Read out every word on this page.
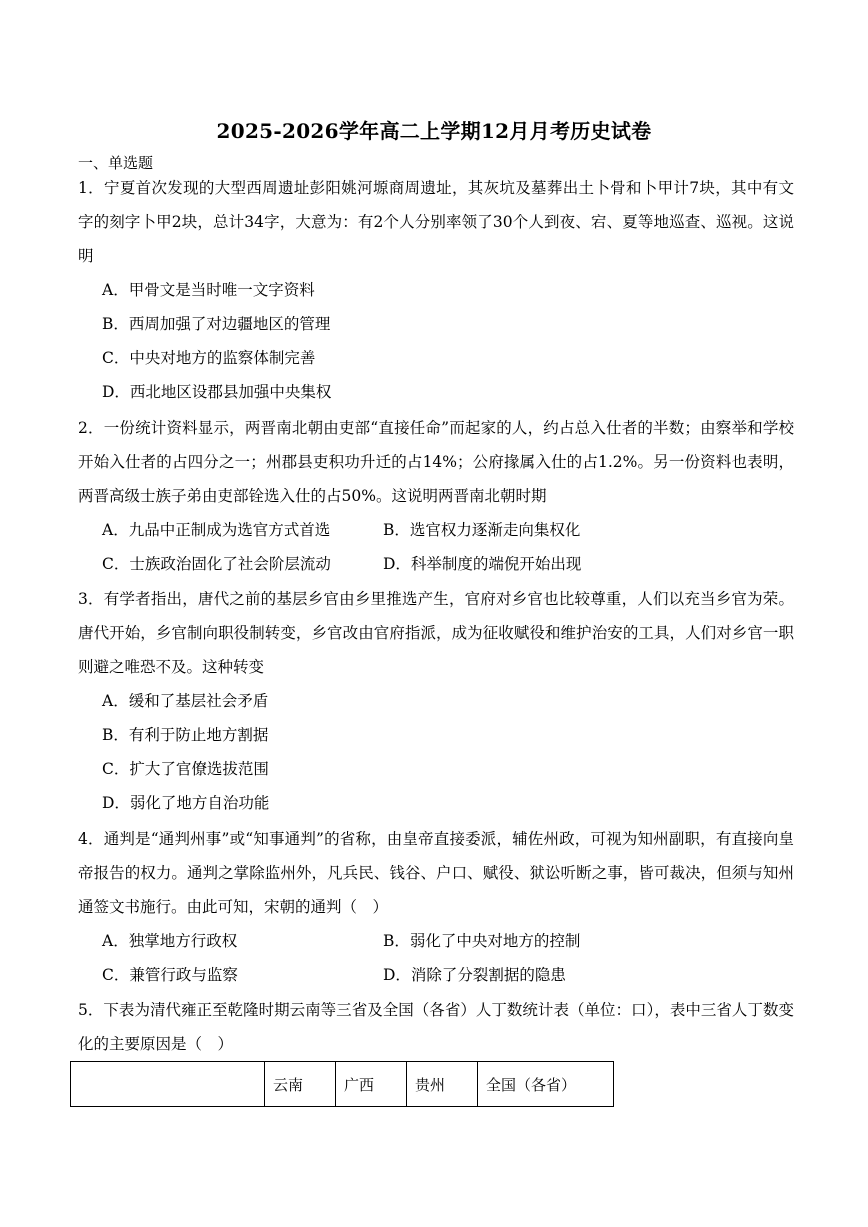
2025-2026学年高二上学期12月月考历史试卷
一、单选题

1．宁夏首次发现的大型西周遗址彭阳姚河塬商周遗址，其灰坑及墓葬出土卜骨和卜甲计7块，其中有文字的刻字卜甲2块，总计34字，大意为：有2个人分别率领了30个人到夜、宕、夏等地巡查、巡视。这说明

A．甲骨文是当时唯一文字资料
B．西周加强了对边疆地区的管理
C．中央对地方的监察体制完善
D．西北地区设郡县加强中央集权

2．一份统计资料显示，两晋南北朝由吏部“直接任命”而起家的人，约占总入仕者的半数；由察举和学校开始入仕者的占四分之一；州郡县吏积功升迁的占14%；公府掾属入仕的占1.2%。另一份资料也表明，两晋高级士族子弟由吏部铨选入仕的占50%。这说明两晋南北朝时期

A．九品中正制成为选官方式首选	B．选官权力逐渐走向集权化
C．士族政治固化了社会阶层流动	D．科举制度的端倪开始出现

3．有学者指出，唐代之前的基层乡官由乡里推选产生，官府对乡官也比较尊重，人们以充当乡官为荣。唐代开始，乡官制向职役制转变，乡官改由官府指派，成为征收赋役和维护治安的工具，人们对乡官一职则避之唯恐不及。这种转变

A．缓和了基层社会矛盾
B．有利于防止地方割据
C．扩大了官僚选拔范围
D．弱化了地方自治功能

4．通判是“通判州事”或“知事通判”的省称，由皇帝直接委派，辅佐州政，可视为知州副职，有直接向皇帝报告的权力。通判之掌除监州外，凡兵民、钱谷、户口、赋役、狱讼听断之事，皆可裁决，但须与知州通签文书施行。由此可知，宋朝的通判（　）

A．独掌地方行政权	B．弱化了中央对地方的控制
C．兼管行政与监察	D．消除了分裂割据的隐患

5．下表为清代雍正至乾隆时期云南等三省及全国（各省）人丁数统计表（单位：口），表中三省人丁数变化的主要原因是（　）

	云南	广西	贵州	全国（各省）
